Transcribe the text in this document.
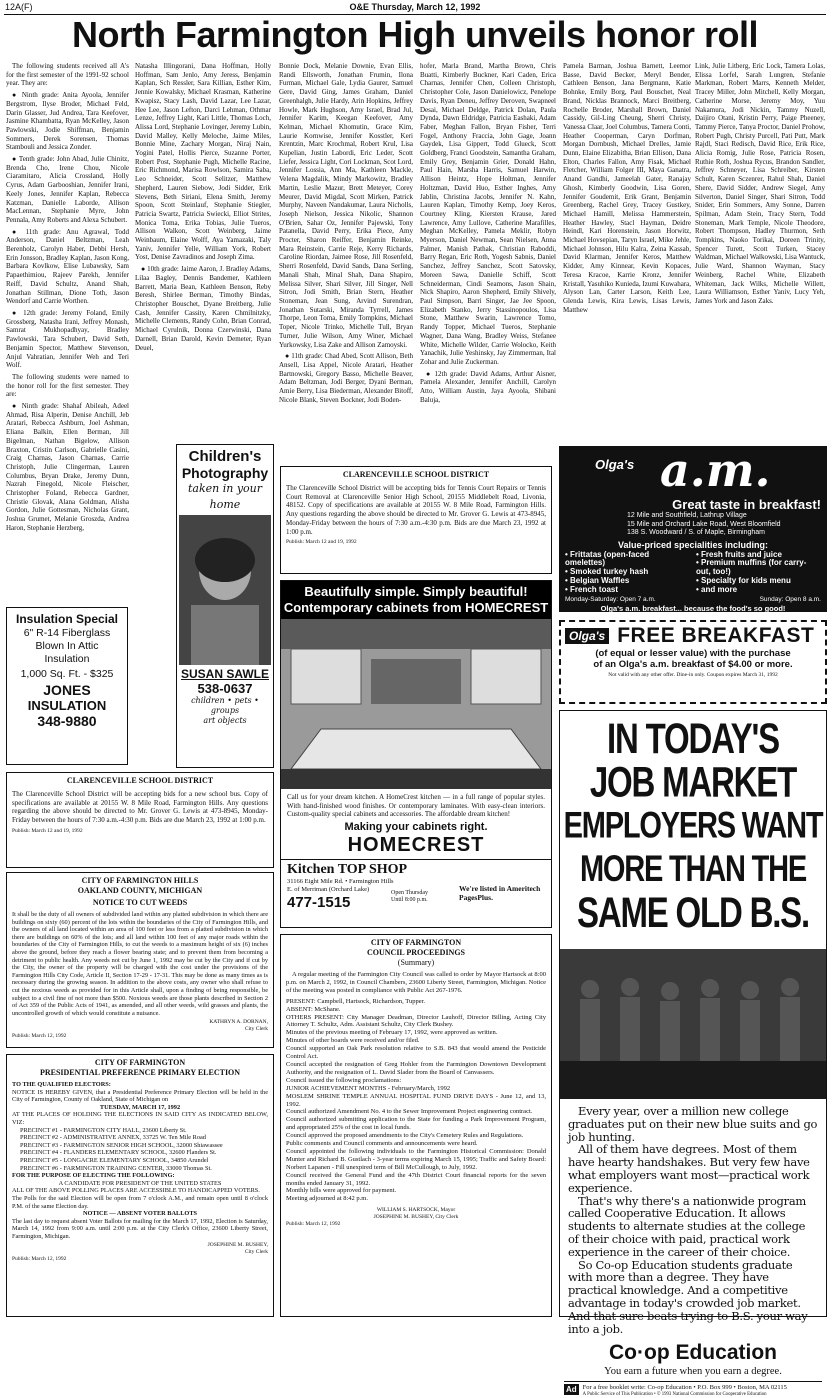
12A(F)	O&E Thursday, March 12, 1992
North Farmington High unveils honor roll

The following students received all A's for the first semester of the 1991-92 school year. They are:

● Ninth grade: Anita Ayoola, Jennifer Bergstrom, Ilyse Broder, Michael Feld, Darin Glasser, Jud Andrea, Tara Keefover, Jasmine Khambatta, Ryan McKelley, Jason Pawlowski, Jodie Shiffman, Benjamin Sommers, Derek Sorensen, Thomas Stambouli and Jessica Zonder.

● Tenth grade: John Abad, Julie Chinitz, Brenda Cho, Irene Chou, Nicole Ciaramitaro, Alicia Crossland, Holly Cyrus, Adam Garbooshian, Jennifer Irani, Keely Jones, Jennifer Kaplan, Rebecca Katzman, Danielle Laborde, Allison MacLennan, Stephanie Myre, John Pennala, Amy Roberts and Alexa Schubert.

● 11th grade: Anu Agrawal, Todd Anderson, Daniel Beltzman, Leah Berenholz, Carolyn Haber, Debbi Hersh, Erin Jonsson, Bradley Kaplan, Jason Kong, Barbara Kovlkow, Elise Lubawsky, Sam Papaethimiou, Rajeev Parekh, Jennifer Reiff, David Schultz, Anand Shah, Jonathan Stillman, Dione Toth, Jason Wendorf and Carrie Worthen.

● 12th grade: Jeremy Foland, Emily Grossberg, Natasha Irani, Jeffrey Monash, Samrat Mukhopadhyay, Bradley Pawlowski, Tara Schubert, David Seth, Benjamin Spector, Matthew Stevenson, Anjul Vahratian, Jennifer Weh and Teri Wolf.

The following students were named to the honor roll for the first semester. They are:

● Ninth grade: Shahaf Abileah, Adeel Ahmad, Risa Alperin, Denise Anchill, Jeb Aratari, Rebecca Ashburn, Joel Ashman, Eliana Balkin, Ellen Berman, Jill Bigelman, Nathan Bigelow, Allison Braxton, Cristin Carlson, Gabrielle Casini, Craig Charnas, Jason Charnas, Carrie Christoph, Julie Clingerman, Lauren Columbus, Bryan Drake, Jeremy Dunn, Nazrah Finegold, Nicole Fleischer, Christopher Foland, Rebecca Gardner, Christie Glovak, Alana Goldman, Alisha Gordon, Julie Gottesman, Nicholas Grant, Joshua Grumet, Melanie Groszda, Andrea Haron, Stephanie Herzberg,

Insulation Special
6" R-14 Fiberglass
Blown In Attic
Insulation
1,000 Sq. Ft. - $325
JONES
INSULATION
348-9880

Natasha Illingorani, Dana Hoffman, Holly Hoffman, Sam Jenlo, Amy Jeress, Benjamin Kaplan, Sch Ressler, Sara Killian, Esther Kim, Jennie Kowalsky, Michael Krasman, Katherine Kwapisz, Stacy Lash, David Lazar, Lee Lazar, Hee Lee, Jason Lefton, Darci Lehman, Othmar Lenze, Jeffrey Light, Kari Little, Thomas Loch, Alissa Lord, Stephanie Lovinger, Jeremy Lubin, David Malley, Kelly Meloche, Jaime Miles, Bonnie Mine, Zachary Morgan, Niraj Nain, Yogini Patel, Hollis Pierce, Suzanne Porter, Robert Post, Stephanie Pugh, Michelle Racine, Eric Richmond, Marisa Rowlson, Samira Saba, Leo Schneider, Scott Selitzer, Matthew Shepherd, Lauren Siebow, Jodi Sidder, Erik Slevens, Beth Siriani, Elena Smith, Jeremy Spoon, Scott Steinlauf, Stephanie Stiegler, Patricia Swartz, Patricia Swiecki, Elliot Strites, Monica Toma, Erika Tobias, Julie Tueros, Allison Walkon, Scott Weinberg, Jaime Weinbaum, Elaine Wolff, Aya Yamazaki, Taly Yaniv, Jennifer Yelle, William York, Robert Yost, Denise Zavradinos and Joseph Zima.

● 10th grade: Jaime Aaron, J. Bradley Adams, Lilaa Bagley, Dennis Bandemer, Kathleen Barrett, Maria Bean, Kathleen Benson, Reby Beresh, Shirlee Berman, Timothy Bindas, Christopher Bouschet, Dyane Breitberg, Julie Cash, Jennifer Cassity, Karen Chmilnitzky, Michelle Clements, Randy Cohn, Brian Conrad, Michael Cyrulnik, Donna Czerwinski, Dana Darnell, Brian Darold, Kevin Demeter, Ryan Deuel,

Children's
Photography
taken in your home
SUSAN SAWLE
538-0637
children • pets • groups
art objects

Bonnie Dock, Melanie Downie, Evan Ellis, Randi Ellsworth, Jonathan Frumin, Ilona Furman, Michael Gale, Lydia Gaurer, Samuel Gere, David Ging, James Graham, Daniel Greenhalgh, Julie Hardy, Arin Hopkins, Jeffrey Howle, Mark Hughson, Amy Israel, Brad Jul, Jennifer Karim, Keegan Keefover, Amy Kelman, Michael Khomutin, Grace Kim, Laurie Kornwise, Jennifer Kosstler, Keri Krentzin, Marc Krochmal, Robert Krul, Lisa Kupelian, Justin Labordi, Eric Leder, Scott Liefer, Jessica Light, Cori Lockman, Scot Lord, Jennifer Lossia, Ann Ma, Kathleen Mackle, Velena Magdalik, Mindy Markowitz, Bradley Martin, Leslie Mazur, Brett Meteyer, Corey Meurer, David Migdal, Scott Mirken, Patrick Murphy, Naveen Nandakumar, Laura Nicholls, Joseph Nielson, Jessica Nikolic, Shannon O'Brien, Sahar Oz, Jennifer Pajewski, Tony Patanella, David Perry, Erika Piece, Amy Procter, Sharon Reiffer, Benjamin Reinke, Mara Reinstein, Carrie Reje, Kerry Richards, Caroline Riordan, Jaimee Rose, Jill Rosenfeld, Sherri Rosenfeld, David Sands, Dana Serling, Manali Shah, Minal Shah, Dana Shapiro, Melissa Silver, Shari Silver, Jill Singer, Nell Sitron, Jodi Smith, Brian Stern, Heather Stoneman, Jean Sung, Arvind Surendran, Jonathan Sutarski, Miranda Tyrrell, James Thorpe, Leon Toma, Emily Tompkins, Michael Toper, Nicole Trinko, Michelle Tull, Bryan Turner, Julie Wilson, Amy Winer, Michael Yurkowsky, Lisa Zake and Allison Zamoyski.

● 11th grade: Chad Abed, Scott Allison, Beth Ansell, Lisa Appel, Nicole Aratari, Heather Bartnowski, Gregory Basso, Michelle Beaver, Adam Beltzman, Jodi Berger, Dyani Berman, Amie Berry, Lisa Biederman, Alexander Bitoff, Nicole Blank, Steven Bockner, Jodi Boden-

hofer, Marla Brand, Martha Brown, Chris Buatti, Kimberly Buckner, Kari Caden, Erica Charnas, Jennifer Chen, Colleen Christoph, Christopher Cole, Jason Danielowicz, Penelope Davis, Ryan Deneu, Jeffrey Deroven, Swapneel Desai, Michael Deldge, Patrick Dolan, Paula Dynda, Dawn Eldridge, Patricia Eashaki, Adam Faber, Meghan Fallon, Bryan Fisher, Terri Fogel, Anthony Fraccia, John Gage, Joann Gaydek, Lisa Gippert, Todd Glueck, Scott Goldberg, Franci Goodstein, Samantha Graham, Emily Grey, Benjamin Grier, Donald Hahn, Paul Hain, Marsha Harris, Samuel Harwin, Allison Heintz, Hope Holtman, Jennifer Holtzman, David Huo, Esther Inghes, Amy Jablin, Christina Jacobs, Jennifer N. Kahn, Lauren Kaplan, Timothy Kemp, Joey Keros, Courtney Kling, Kiersten Krause, Jared Lawrence, Amy Lullove, Catherine Marafilles, Meghan McKelley, Pamela Meklir, Robyn Myerson, Daniel Newman, Sean Nielsen, Anna Palmer, Manish Pathak, Christian Raboddi, Barry Regan, Eric Roth, Yogesh Sabnis, Daniel Sanchez, Jeffrey Sanchez, Scott Satovsky, Moreen Sawa, Danielle Schiff, Scott Schneiderman, Cindi Seamons, Jason Shain, Nick Shapiro, Aaron Shepherd, Emily Shively, Paul Simpson, Barri Singer, Jae Jee Spoon, Elizabeth Stanko, Jerry Stassinopoulos, Lisa Stone, Matthew Swarin, Lawrence Tomo, Randy Topper, Michael Tueros, Stephanie Wagner, Dana Wang, Bradley Weiss, Stefanee White, Michelle Wilder, Carrie Wolocko, Keith Yanachik, Julie Yeshinsky, Jay Zimmerman, Ital Zohar and Julie Zuckerman.

● 12th grade: David Adams, Arthur Aisner, Pamela Alexander, Jennifer Anchill, Carolyn Atto, William Austin, Jaya Ayoola, Shibani Baluja,

Pamela Barman, Joshua Barnett, Leemor Basse, David Becker, Meryl Bender, Cathleen Benson, Jana Bergmann, Katie Bohnke, Emily Borg, Paul Bouschet, Neal Brand, Nicklas Brannock, Marci Breitberg, Rochelle Broder, Marshall Brown, Daniel Cassidy, Gil-Ling Cheung, Sherri Christy, Vanessa Claar, Joel Columbus, Tamera Conti, Heather Cooperman, Caryn Dorfman, Morgan Dornbush, Michael Drelles, Jamie Dunn, Elaine Elizabitha, Brian Ellison, Dana Elton, Charles Fallon, Amy Fisak, Michael Fletcher, William Folger III, Maya Ganatra, Anand Gandhi, Jameelah Gater, Ranajay Ghosh, Kimberly Goodwin, Lisa Goren, Jennifer Goudemit, Erik Grant, Benjamin Greenberg, Rachel Grey, Tracey Gustkey, Michael Hamill, Melissa Hammerstein, Heather Hawley, Stacl Hayman, Deidre Heindl, Kari Horenstein, Jason Horwitz, Michael Hovsepian, Taryn Israel, Mike Jehle, Michael Johnson, Hilu Kalra, Zeina Kassab, David Klarman, Jennifer Keros, Matthew Kidder, Amy Kinnear, Kevin Kopaces, Teresa Kracoe, Karrie Kronz, Jennifer Kristall, Yasuhiko Kunieda, Izumi Kuwahara, Alyson Lan, Carter Larson, Keith Lee, Glenda Lewis, Kira Lewis, Lisas Lewis, Matthew

Link, Julie Litberg, Eric Lock, Tamera Lolas, Elissa Lorfel, Sarah Lungren, Stefanie Markman, Robert Marrs, Kenneth Melder, Tracey Miller, John Mitchell, Kelly Morgan, Catherine Morse, Jeremy Moy, Yuu Nakamura, Jodi Nickin, Tammy Nuzell, Daijiro Otani, Kristin Perry, Paige Pheeney, Tammy Pierce, Tanya Proctor, Daniel Prohow, Robert Pugh, Christy Purcell, Pati Putt, Mark Rajdl, Staci Redisch, David Rice, Erik Rice, Alicia Romig, Julie Rose, Patricia Rosen, Ruthie Roth, Joshua Rycus, Brandon Sandler, Jeffrey Schneyer, Lisa Schreiber, Kirsten Schult, Karen Sczenrer, Rahul Shah, Daniel Shere, David Sidder, Andrew Siegel, Amy Silverton, Daniel Singer, Shari Sitron, Todd Snider, Erin Sommers, Amy Sonne, Darren Spilman, Adam Stein, Tracy Stern, Todd Stoneman, Mark Temple, Nicole Theodore, Robert Thompson, Hadley Thurmon, Seth Tompkins, Naoko Torikai, Doreen Trinity, Spencer Turett, Scott Turken, Stacey Waldman, Michael Walkowski, Lisa Wantuck, Julie Ward, Shannon Wayman, Stacy Weinberg, Rachel White, Elizabeth Whiteman, Jack Wilks, Michelle Willett, Laura Williamson, Esther Yaniv, Lucy Yeh, James York and Jason Zaks.

CLARENCEVILLE SCHOOL DISTRICT
The Clarenceville School District will be accepting bids for Tennis Court Repairs or Tennis Court Removal at Clarenceville Senior High School, 20155 Middlebelt Road, Livonia, 48152. Copy of specifications are available at 20155 W. 8 Mile Road, Farmington Hills. Any questions regarding the above should be directed to Mr. Grover G. Lewis at 473-8945, Monday-Friday between the hours of 7:30 a.m.-4:30 p.m. Bids are due March 23, 1992 at 1:00 p.m.
Publish: March 12 and 19, 1992
Beautifully simple. Simply beautiful!
Contemporary cabinets from HOMECREST
Call us for your dream kitchen. A HomeCrest kitchen — in a full range of popular styles. With hand-finished wood finishes. Or contemporary laminates. With easy-clean interiors. Custom-quality special cabinets and accessories. The affordable dream kitchen!
Making your cabinets right.
HOMECREST
Kitchen TOP SHOP
31166 Eight Mile Rd. • Farmington Hills
E. of Merriman (Orchard Lake)
477-1515
Open Thursday Until 8:00 p.m.
We're listed in Ameritech PagesPlus.
CITY OF FARMINGTON
COUNCIL PROCEEDINGS
(Summary)

A regular meeting of the Farmington City Council was called to order by Mayor Hartsock at 8:00 p.m. on March 2, 1992, in Council Chambers, 23600 Liberty Street, Farmington, Michigan. Notice of the meeting was posted in compliance with Public Act 267-1976.

PRESENT: Campbell, Hartsock, Richardson, Tupper.
ABSENT: McShane.
OTHERS PRESENT: City Manager Deadman, Director Lauhoff, Director Billing, Acting City Attorney T. Schultz, Adm. Assistant Schultz, City Clerk Bushey.
Minutes of the previous meeting of February 17, 1992, were approved as written.
Minutes of other boards were received and/or filed.
Council supported an Oak Park resolution relative to S.B. 843 that would amend the Pesticide Control Act.
Council accepted the resignation of Greg Hohler from the Farmington Downtown Development Authority, and the resignation of L. David Slader from the Board of Canvassers.
Council issued the following proclamations:
JUNIOR ACHIEVEMENT MONTHS - February/March, 1992
MOSLEM SHRINE TEMPLE ANNUAL HOSPITAL FUND DRIVE DAYS - June 12, and 13, 1992.
Council authorized Amendment No. 4 to the Sewer Improvement Project engineering contract.
Council authorized submitting application to the State for funding a Park Improvement Program, and appropriated 25% of the cost in local funds.
Council approved the proposed amendments to the City's Cemetery Rules and Regulations.
Public comments and Council comments and announcements were heard.
Council appointed the following individuals to the Farmington Historical Commission: Donald Munter and Richard B. Gustlach - 3-year terms expiring March 15, 1995; Traffic and Safety Board: Norbert Lapanen - Fill unexpired term of Bill McCullough, to July, 1992.
Council received the General Fund and the 47th District Court financial reports for the seven months ended January 31, 1992.
Monthly bills were approved for payment.
Meeting adjourned at 8:42 p.m.
WILLIAM S. HARTSOCK, Mayor
JOSEPHINE M. BUSHEY, City Clerk
Publish: March 12, 1992
CLARENCEVILLE SCHOOL DISTRICT
The Clarenceville School District will be accepting bids for a new school bus. Copy of specifications are available at 20155 W. 8 Mile Road, Farmington Hills. Any questions regarding the above should be directed to Mr. Grover G. Lewis at 473-8945, Monday-Friday between the hours of 7:30 a.m.-4:30 p.m. Bids are due March 23, 1992 at 1:00 p.m.
Publish: March 12 and 19, 1992
CITY OF FARMINGTON HILLS
OAKLAND COUNTY, MICHIGAN
NOTICE TO CUT WEEDS
It shall be the duty of all owners of subdivided land within any platted subdivision in which there are buildings on sixty (60) percent of the lots within the boundaries of the City of Farmington Hills, and the owners of all land located within an area of 100 feet or less from a platted subdivision in which there are buildings on 60% of the lots; and all land within 100 feet of any major roads within the boundaries of the City of Farmington Hills, to cut the weeds to a maximum height of six (6) inches above the ground, before they reach a flower bearing state; and to prevent them from becoming a detriment to public health. Any weeds not cut by June 1, 1992 may be cut by the City and if cut by the City, the owner of the property will be charged with the cost under the provisions of the Farmington Hills City Code, Article II, Section 17-29 - 17-31. This may be done as many times as is necessary during the growing season. In addition to the above costs, any owner who shall refuse to cut the noxious weeds as provided for in this Article shall, upon a finding of being responsible, be subject to a civil fine of not more than $500. Noxious weeds are those plants described in Section 2 of Act 359 of the Public Acts of 1941, as amended, and all other weeds, wild grasses and plants, the uncontrolled growth of which would constitute a nuisance.
KATHRYN A. DORNAN,
City Clerk
Publish: March 12, 1992
CITY OF FARMINGTON
PRESIDENTIAL PREFERENCE PRIMARY ELECTION
TO THE QUALIFIED ELECTORS:
NOTICE IS HEREBY GIVEN, that a Presidential Preference Primary Election will be held in the City of Farmington, County of Oakland, State of Michigan on
TUESDAY, MARCH 17, 1992
AT THE PLACES OF HOLDING THE ELECTIONS IN SAID CITY AS INDICATED BELOW, VIZ:
PRECINCT #1 - FARMINGTON CITY HALL, 23600 Liberty St.
PRECINCT #2 - ADMINISTRATIVE ANNEX, 33725 W. Ten Mile Road
PRECINCT #3 - FARMINGTON SENIOR HIGH SCHOOL, 32000 Shiawassee
PRECINCT #4 - FLANDERS ELEMENTARY SCHOOL, 32600 Flanders St.
PRECINCT #5 - LONGACRE ELEMENTARY SCHOOL, 34850 Arundel
PRECINCT #6 - FARMINGTON TRAINING CENTER, 33000 Thomas St.
FOR THE PURPOSE OF ELECTING THE FOLLOWING:
A CANDIDATE FOR PRESIDENT OF THE UNITED STATES
ALL OF THE ABOVE POLLING PLACES ARE ACCESSIBLE TO HANDICAPPED VOTERS.
The Polls for the said Election will be open from 7 o'clock A.M., and remain open until 8 o'clock P.M. of the same Election day.
NOTICE — ABSENT VOTER BALLOTS
The last day to request absent Voter Ballots for mailing for the March 17, 1992, Election is Saturday, March 14, 1992 from 9:00 a.m. until 2:00 p.m. at the City Clerk's Office, 23600 Liberty Street, Farmington, Michigan.
JOSEPHINE M. BUSHEY,
City Clerk
Publish: March 12, 1992
Olga's a.m.
Great taste in breakfast!
12 Mile and Southfield, Lathrup Village
15 Mile and Orchard Lake Road, West Bloomfield
138 S. Woodward / S. of Maple, Birmingham
Value-priced specialities including:
• Frittatas (open-faced omelettes)
• Smoked turkey hash
• Belgian Waffles
• French toast
• Fresh fruits and juice
• Premium muffins (for carry-out, too!)
• Specialty for kids menu
• and more
Monday-Saturday: Open 7 a.m.	Sunday: Open 8 a.m.
Olga's a.m. breakfast... because the food's so good!
Olga's FREE BREAKFAST
(of equal or lesser value) with the purchase
of an Olga's a.m. breakfast of $4.00 or more.
Not valid with any other offer. Dine-in only. Coupon expires March 31, 1992
IN TODAY'S
JOB MARKET
EMPLOYERS WANT
MORE THAN THE
SAME OLD B.S.

Every year, over a million new college graduates put on their new blue suits and go job hunting.

All of them have degrees. Most of them have hearty handshakes. But very few have what employers want most—practical work experience.

That's why there's a nationwide program called Cooperative Education. It allows students to alternate studies at the college of their choice with paid, practical work experience in the career of their choice.

So Co-op Education students graduate with more than a degree. They have practical knowledge. And a competitive advantage in today's crowded job market. And that sure beats trying to B.S. your way into a job.

Co·op Education
You earn a future when you earn a degree.
Ad For a free booklet write: Co-op Education • P.O. Box 999 • Boston, MA 02115
A Public Service of This Publication • © 1993 National Commission for Cooperative Education
